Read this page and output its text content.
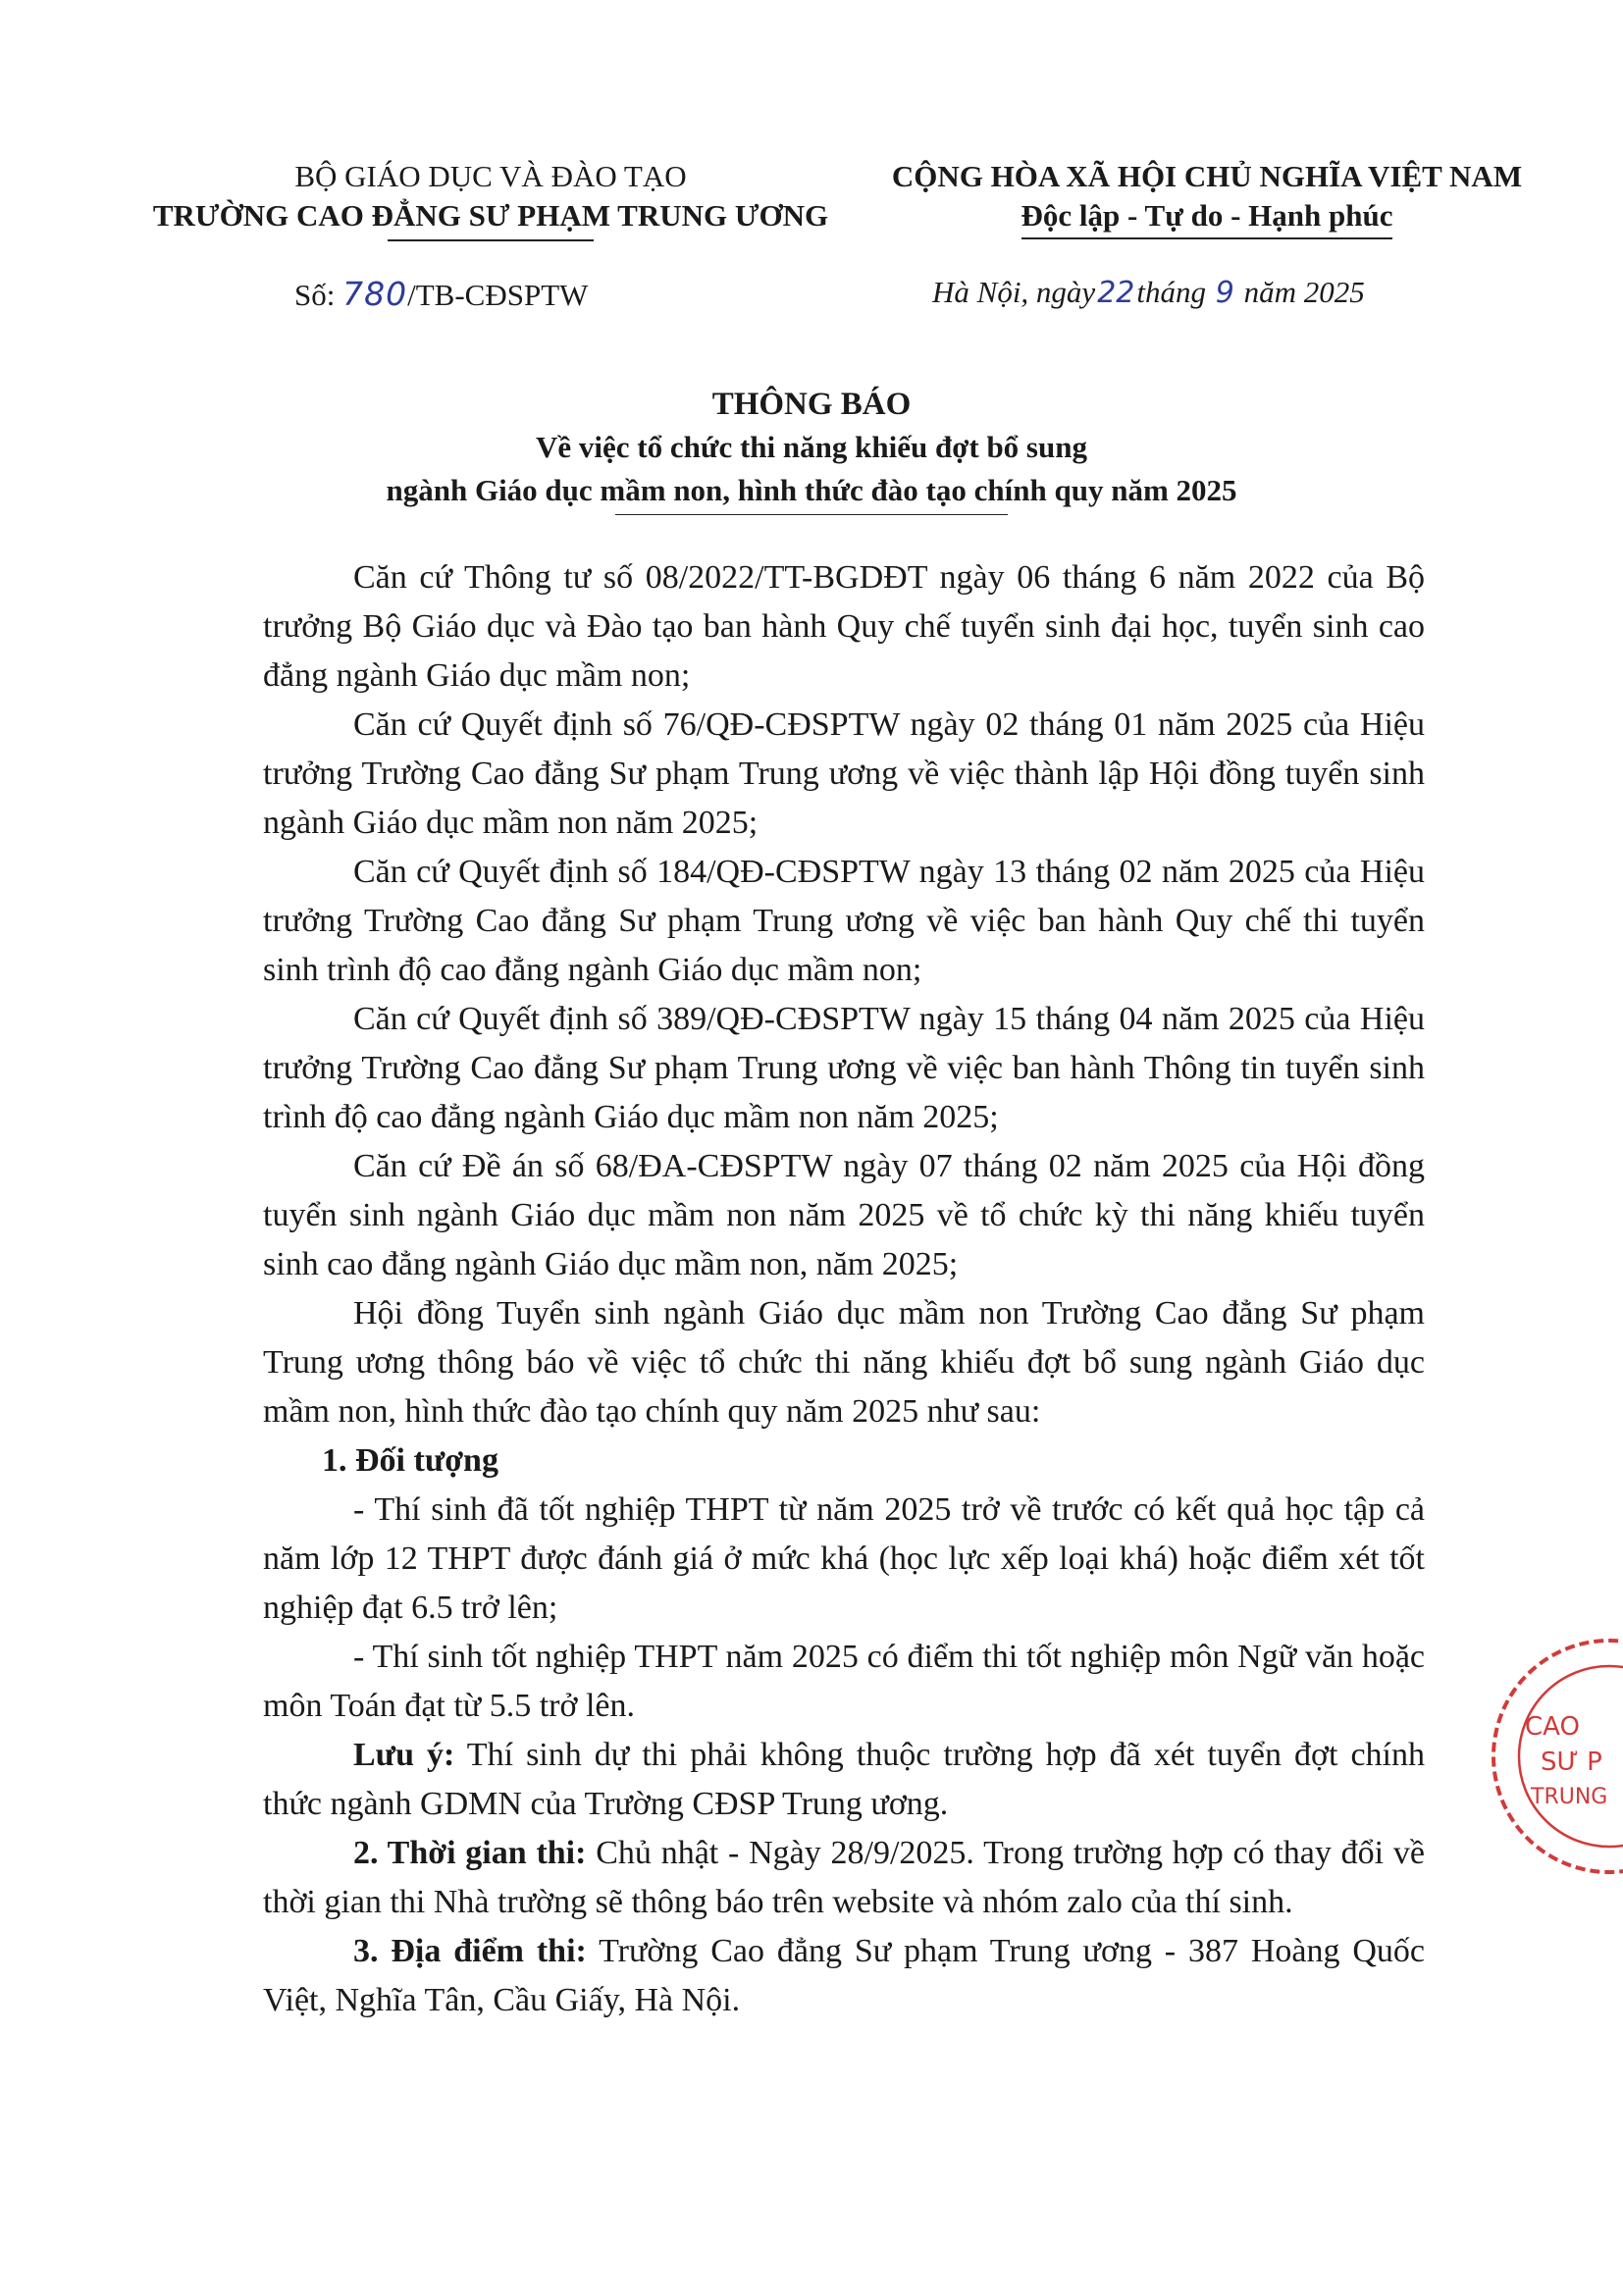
BỘ GIÁO DỤC VÀ ĐÀO TẠO
TRƯỜNG CAO ĐẲNG SƯ PHẠM TRUNG ƯƠNG
CỘNG HÒA XÃ HỘI CHỦ NGHĨA VIỆT NAM
Độc lập - Tự do - Hạnh phúc
Số: 780/TB-CĐSPTW	Hà Nội, ngày22tháng 9 năm 2025
THÔNG BÁO
Về việc tổ chức thi năng khiếu đợt bổ sung
ngành Giáo dục mầm non, hình thức đào tạo chính quy năm 2025

Căn cứ Thông tư số 08/2022/TT-BGDĐT ngày 06 tháng 6 năm 2022 của Bộ trưởng Bộ Giáo dục và Đào tạo ban hành Quy chế tuyển sinh đại học, tuyển sinh cao đẳng ngành Giáo dục mầm non;

Căn cứ Quyết định số 76/QĐ-CĐSPTW ngày 02 tháng 01 năm 2025 của Hiệu trưởng Trường Cao đẳng Sư phạm Trung ương về việc thành lập Hội đồng tuyển sinh ngành Giáo dục mầm non năm 2025;

Căn cứ Quyết định số 184/QĐ-CĐSPTW ngày 13 tháng 02 năm 2025 của Hiệu trưởng Trường Cao đẳng Sư phạm Trung ương về việc ban hành Quy chế thi tuyển sinh trình độ cao đẳng ngành Giáo dục mầm non;

Căn cứ Quyết định số 389/QĐ-CĐSPTW ngày 15 tháng 04 năm 2025 của Hiệu trưởng Trường Cao đẳng Sư phạm Trung ương về việc ban hành Thông tin tuyển sinh trình độ cao đẳng ngành Giáo dục mầm non năm 2025;

Căn cứ Đề án số 68/ĐA-CĐSPTW ngày 07 tháng 02 năm 2025 của Hội đồng tuyển sinh ngành Giáo dục mầm non năm 2025 về tổ chức kỳ thi năng khiếu tuyển sinh cao đẳng ngành Giáo dục mầm non, năm 2025;

Hội đồng Tuyển sinh ngành Giáo dục mầm non Trường Cao đẳng Sư phạm Trung ương thông báo về việc tổ chức thi năng khiếu đợt bổ sung ngành Giáo dục mầm non, hình thức đào tạo chính quy năm 2025 như sau:

1. Đối tượng

- Thí sinh đã tốt nghiệp THPT từ năm 2025 trở về trước có kết quả học tập cả năm lớp 12 THPT được đánh giá ở mức khá (học lực xếp loại khá) hoặc điểm xét tốt nghiệp đạt 6.5 trở lên;

- Thí sinh tốt nghiệp THPT năm 2025 có điểm thi tốt nghiệp môn Ngữ văn hoặc môn Toán đạt từ 5.5 trở lên.

Lưu ý: Thí sinh dự thi phải không thuộc trường hợp đã xét tuyển đợt chính thức ngành GDMN của Trường CĐSP Trung ương.

2. Thời gian thi: Chủ nhật - Ngày 28/9/2025. Trong trường hợp có thay đổi về thời gian thi Nhà trường sẽ thông báo trên website và nhóm zalo của thí sinh.

3. Địa điểm thi: Trường Cao đẳng Sư phạm Trung ương - 387 Hoàng Quốc Việt, Nghĩa Tân, Cầu Giấy, Hà Nội.

CAO
SƯ P
TRUNG
